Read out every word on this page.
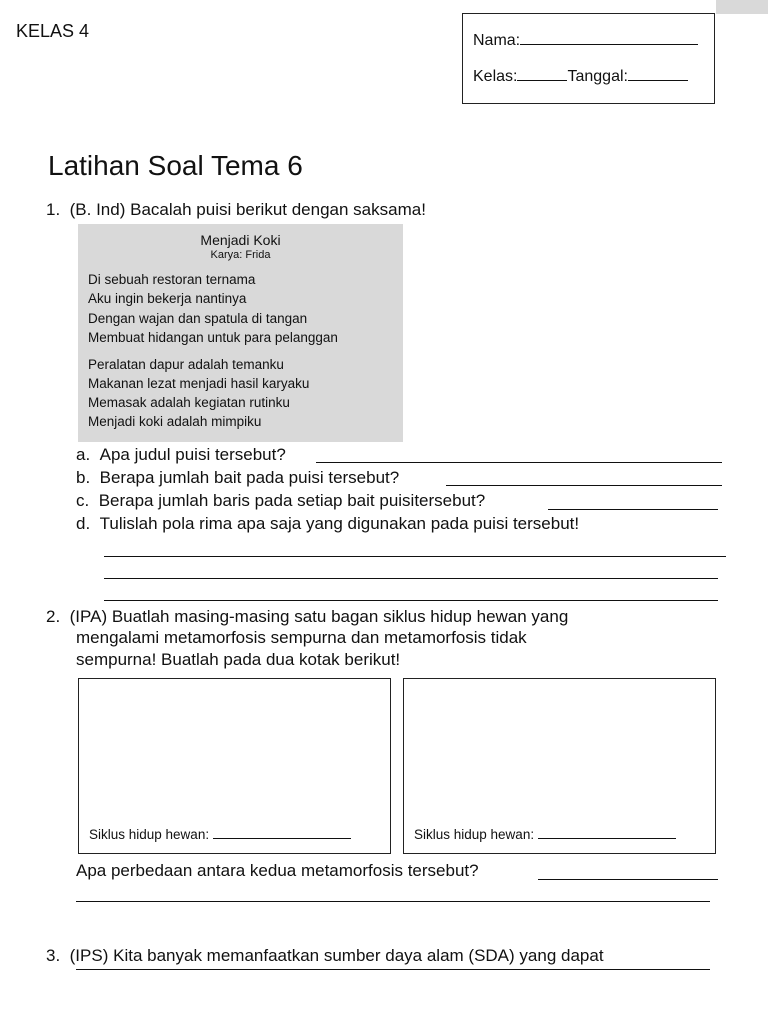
KELAS 4	Nama:
Kelas:	Tanggal:
Latihan Soal Tema 6
1. (B. Ind) Bacalah puisi berikut dengan saksama!
Menjadi Koki
Karya: Frida
Di sebuah restoran ternama
Aku ingin bekerja nantinya
Dengan wajan dan spatula di tangan
Membuat hidangan untuk para pelanggan
Peralatan dapur adalah temanku
Makanan lezat menjadi hasil karyaku
Memasak adalah kegiatan rutinku
Menjadi koki adalah mimpiku
a. Apa judul puisi tersebut?
b. Berapa jumlah bait pada puisi tersebut?
c. Berapa jumlah baris pada setiap bait puisitersebut?
d. Tulislah pola rima apa saja yang digunakan pada puisi tersebut!
2. (IPA) Buatlah masing-masing satu bagan siklus hidup hewan yang
mengalami metamorfosis sempurna dan metamorfosis tidak
sempurna! Buatlah pada dua kotak berikut!
Siklus hidup hewan:	Siklus hidup hewan:
Apa perbedaan antara kedua metamorfosis tersebut?
3. (IPS) Kita banyak memanfaatkan sumber daya alam (SDA) yang dapat
